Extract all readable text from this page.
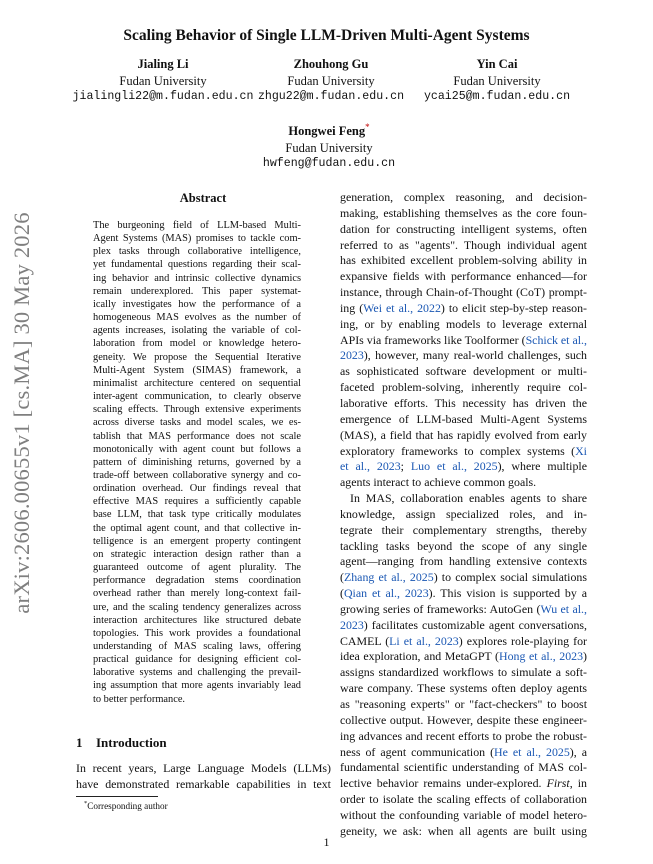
Scaling Behavior of Single LLM-Driven Multi-Agent Systems
Jialing Li
Fudan University
jialingli22@m.fudan.edu.cn
Zhouhong Gu
Fudan University
zhgu22@m.fudan.edu.cn
Yin Cai
Fudan University
ycai25@m.fudan.edu.cn
Hongwei Feng*
Fudan University
hwfeng@fudan.edu.cn
arXiv:2606.00655v1 [cs.MA] 30 May 2026
Abstract
The burgeoning field of LLM-based Multi-
Agent Systems (MAS) promises to tackle com-
plex tasks through collaborative intelligence,
yet fundamental questions regarding their scal-
ing behavior and intrinsic collective dynamics
remain underexplored. This paper systemat-
ically investigates how the performance of a
homogeneous MAS evolves as the number of
agents increases, isolating the variable of col-
laboration from model or knowledge hetero-
geneity. We propose the Sequential Iterative
Multi-Agent System (SIMAS) framework, a
minimalist architecture centered on sequential
inter-agent communication, to clearly observe
scaling effects. Through extensive experiments
across diverse tasks and model scales, we es-
tablish that MAS performance does not scale
monotonically with agent count but follows a
pattern of diminishing returns, governed by a
trade-off between collaborative synergy and co-
ordination overhead. Our findings reveal that
effective MAS requires a sufficiently capable
base LLM, that task type critically modulates
the optimal agent count, and that collective in-
telligence is an emergent property contingent
on strategic interaction design rather than a
guaranteed outcome of agent plurality. The
performance degradation stems coordination
overhead rather than merely long-context fail-
ure, and the scaling tendency generalizes across
interaction architectures like structured debate
topologies. This work provides a foundational
understanding of MAS scaling laws, offering
practical guidance for designing efficient col-
laborative systems and challenging the prevail-
ing assumption that more agents invariably lead
to better performance.
1 Introduction
In recent years, Large Language Models (LLMs)
have demonstrated remarkable capabilities in text
generation, complex reasoning, and decision-
making, establishing themselves as the core foun-
dation for constructing intelligent systems, often
referred to as "agents". Though individual agent
has exhibited excellent problem-solving ability in
expansive fields with performance enhanced—for
instance, through Chain-of-Thought (CoT) prompt-
ing (Wei et al., 2022) to elicit step-by-step reason-
ing, or by enabling models to leverage external
APIs via frameworks like Toolformer (Schick et al.,
2023), however, many real-world challenges, such
as sophisticated software development or multi-
faceted problem-solving, inherently require col-
laborative efforts. This necessity has driven the
emergence of LLM-based Multi-Agent Systems
(MAS), a field that has rapidly evolved from early
exploratory frameworks to complex systems (Xi
et al., 2023; Luo et al., 2025), where multiple
agents interact to achieve common goals.
In MAS, collaboration enables agents to share
knowledge, assign specialized roles, and in-
tegrate their complementary strengths, thereby
tackling tasks beyond the scope of any single
agent—ranging from handling extensive contexts
(Zhang et al., 2025) to complex social simulations
(Qian et al., 2023). This vision is supported by a
growing series of frameworks: AutoGen (Wu et al.,
2023) facilitates customizable agent conversations,
CAMEL (Li et al., 2023) explores role-playing for
idea exploration, and MetaGPT (Hong et al., 2023)
assigns standardized workflows to simulate a soft-
ware company. These systems often deploy agents
as "reasoning experts" or "fact-checkers" to boost
collective output. However, despite these engineer-
ing advances and recent efforts to probe the robust-
ness of agent communication (He et al., 2025), a
fundamental scientific understanding of MAS col-
lective behavior remains under-explored. First, in
order to isolate the scaling effects of collaboration
without the confounding variable of model hetero-
geneity, we ask: when all agents are built using
*Corresponding author
1
